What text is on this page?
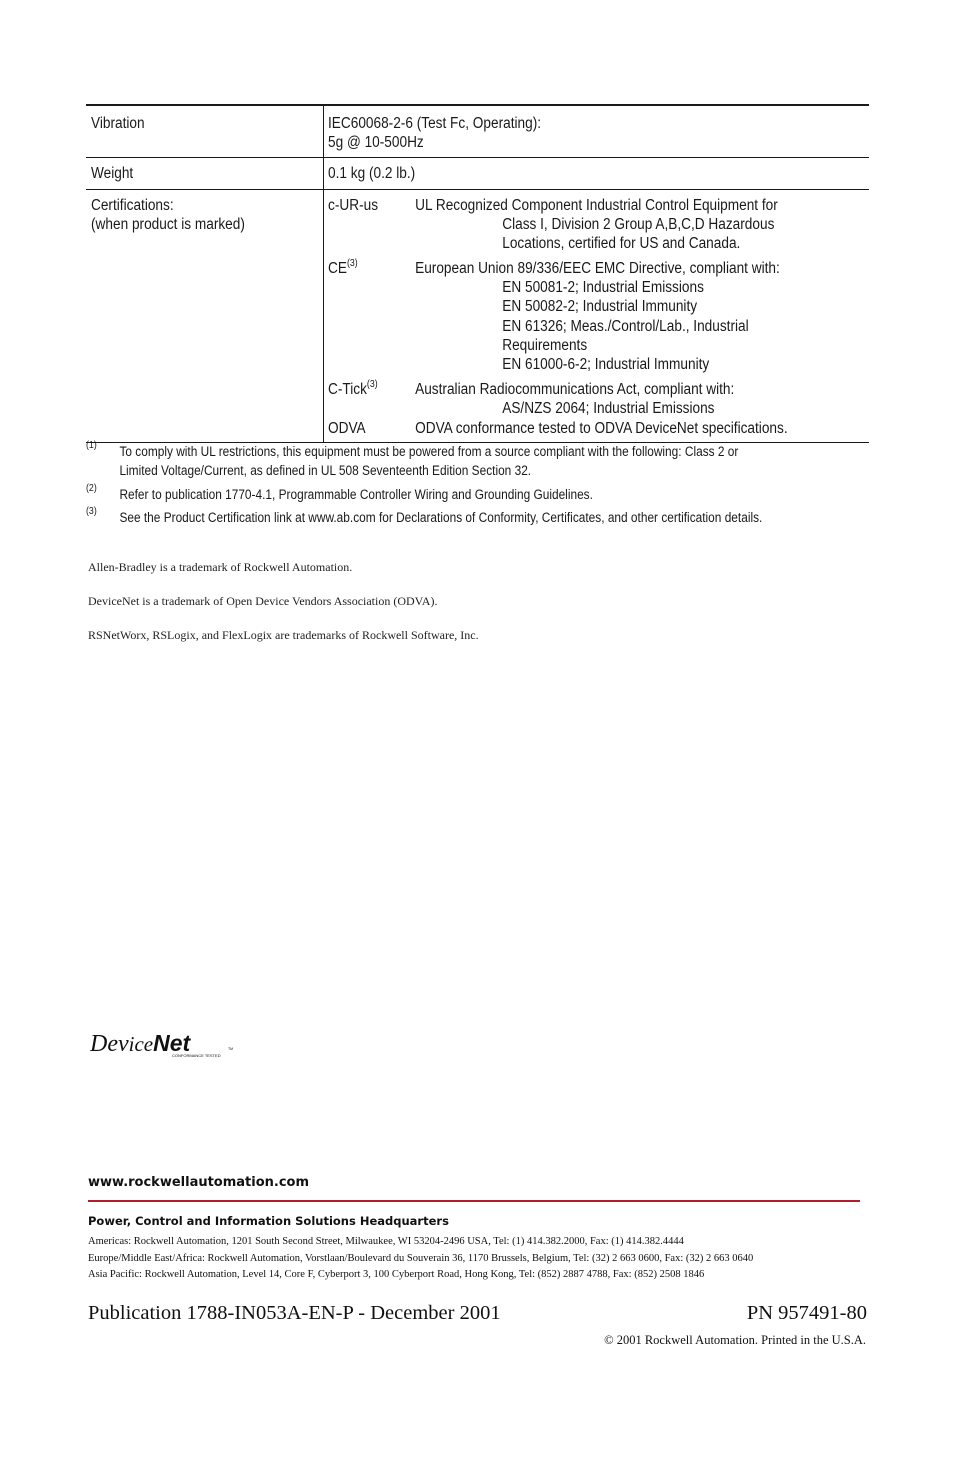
Vibration	IEC60068-2-6 (Test Fc, Operating):
5g @ 10-500Hz
Weight	0.1 kg (0.2 lb.)
Certifications:
(when product is marked)
c-UR-us UL Recognized Component Industrial Control Equipment for
Class I, Division 2 Group A,B,C,D Hazardous
Locations, certified for US and Canada.
CE$^{(3)}$	European Union 89/336/EEC EMC Directive, compliant with:
EN 50081-2; Industrial Emissions
EN 50082-2; Industrial Immunity
EN 61326; Meas./Control/Lab., Industrial
Requirements
EN 61000-6-2; Industrial Immunity
C-Tick$^{(3)}$ Australian Radiocommunications Act, compliant with:
AS/NZS 2064; Industrial Emissions
ODVA	ODVA conformance tested to ODVA DeviceNet specifications.
(1) To comply with UL restrictions, this equipment must be powered from a source compliant with the following: Class 2 or
Limited Voltage/Current, as defined in UL 508 Seventeenth Edition Section 32.
(2) Refer to publication 1770-4.1, Programmable Controller Wiring and Grounding Guidelines.
(3) See the Product Certification link at www.ab.com for Declarations of Conformity, Certificates, and other certification details.
Allen-Bradley is a trademark of Rockwell Automation.
DeviceNet is a trademark of Open Device Vendors Association (ODVA).
RSNetWorx, RSLogix, and FlexLogix are trademarks of Rockwell Software, Inc.
DeviceNet
CONFORMANCE TESTED
TM
www.rockwellautomation.com
Power, Control and Information Solutions Headquarters
Americas: Rockwell Automation, 1201 South Second Street, Milwaukee, WI 53204-2496 USA, Tel: (1) 414.382.2000, Fax: (1) 414.382.4444
Europe/Middle East/Africa: Rockwell Automation, Vorstlaan/Boulevard du Souverain 36, 1170 Brussels, Belgium, Tel: (32) 2 663 0600, Fax: (32) 2 663 0640
Asia Pacific: Rockwell Automation, Level 14, Core F, Cyberport 3, 100 Cyberport Road, Hong Kong, Tel: (852) 2887 4788, Fax: (852) 2508 1846
Publication 1788-IN053A-EN-P - December 2001	PN 957491-80
© 2001 Rockwell Automation. Printed in the U.S.A.
